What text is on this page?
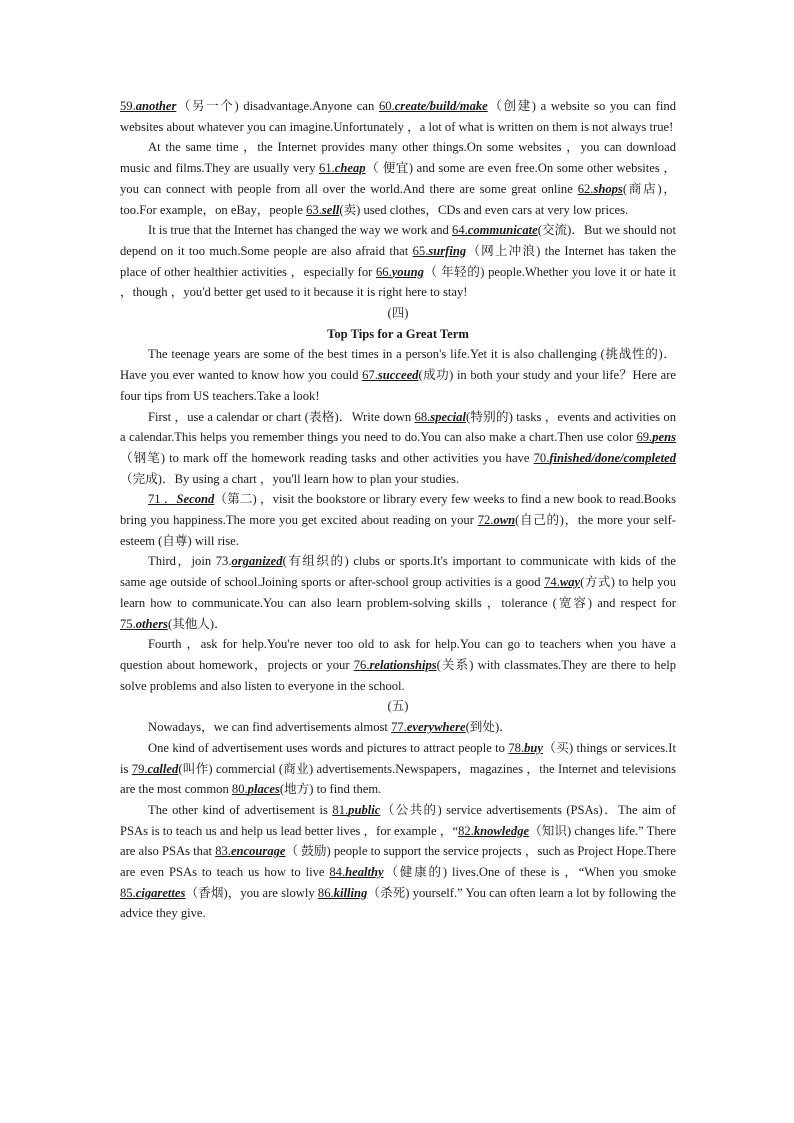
59.another（另一个) disadvantage.Anyone can 60.create/build/make（创建) a website so you can find websites about whatever you can imagine.Unfortunately ，a lot of what is written on them is not always true!

At the same time ，the Internet provides many other things.On some websites ，you can download music and films.They are usually very 61.cheap（ 便宜) and some are even free.On some other websites ，you can connect with people from all over the world.And there are some great online 62.shops(商店)，too.For example，on eBay，people 63.sell(卖) used clothes，CDs and even cars at very low prices.

It is true that the Internet has changed the way we work and 64.communicate(交流)．But we should not depend on it too much.Some people are also afraid that 65.surfing（网上冲浪) the Internet has taken the place of other healthier activities ，especially for 66.young（ 年轻的) people.Whether you love it or hate it ，though ，you'd better get used to it because it is right here to stay!

(四)

Top Tips for a Great Term

The teenage years are some of the best times in a person's life.Yet it is also challenging (挑战性的)．Have you ever wanted to know how you could 67.succeed(成功) in both your study and your life？Here are four tips from US teachers.Take a look!

First ，use a calendar or chart (表格)．Write down 68.special(特别的) tasks ，events and activities on a calendar.This helps you remember things you need to do.You can also make a chart.Then use color 69.pens（钢笔) to mark off the homework reading tasks and other activities you have 70.finished/done/completed（完成)．By using a chart ，you'll learn how to plan your studies.

71 ．Second（第二) ，visit the bookstore or library every few weeks to find a new book to read.Books bring you happiness.The more you get excited about reading on your 72.own(自己的)，the more your self- esteem (自尊) will rise.

Third，join 73.organized(有组织的) clubs or sports.It's important to communicate with kids of the same age outside of school.Joining sports or after-school group activities is a good 74.way(方式) to help you learn how to communicate.You can also learn problem-solving skills ，tolerance (宽容) and respect for 75.others(其他人)．

Fourth ，ask for help.You're never too old to ask for help.You can go to teachers when you have a question about homework，projects or your 76.relationships(关系) with classmates.They are there to help solve problems and also listen to everyone in the school.

(五)

Nowadays，we can find advertisements almost 77.everywhere(到处)．

One kind of advertisement uses words and pictures to attract people to 78.buy（买) things or services.It is 79.called(叫作) commercial (商业) advertisements.Newspapers，magazines ，the Internet and televisions are the most common 80.places(地方) to find them.

The other kind of advertisement is 81.public（公共的) service advertisements (PSAs)．The aim of PSAs is to teach us and help us lead better lives ，for example ，“82.knowledge（知识) changes life.” There are also PSAs that 83.encourage（ 鼓励) people to support the service projects ，such as Project Hope.There are even PSAs to teach us how to live 84.healthy（健康的) lives.One of these is ，“When you smoke 85.cigarettes（香烟)，you are slowly 86.killing（杀死) yourself.” You can often learn a lot by following the advice they give.
